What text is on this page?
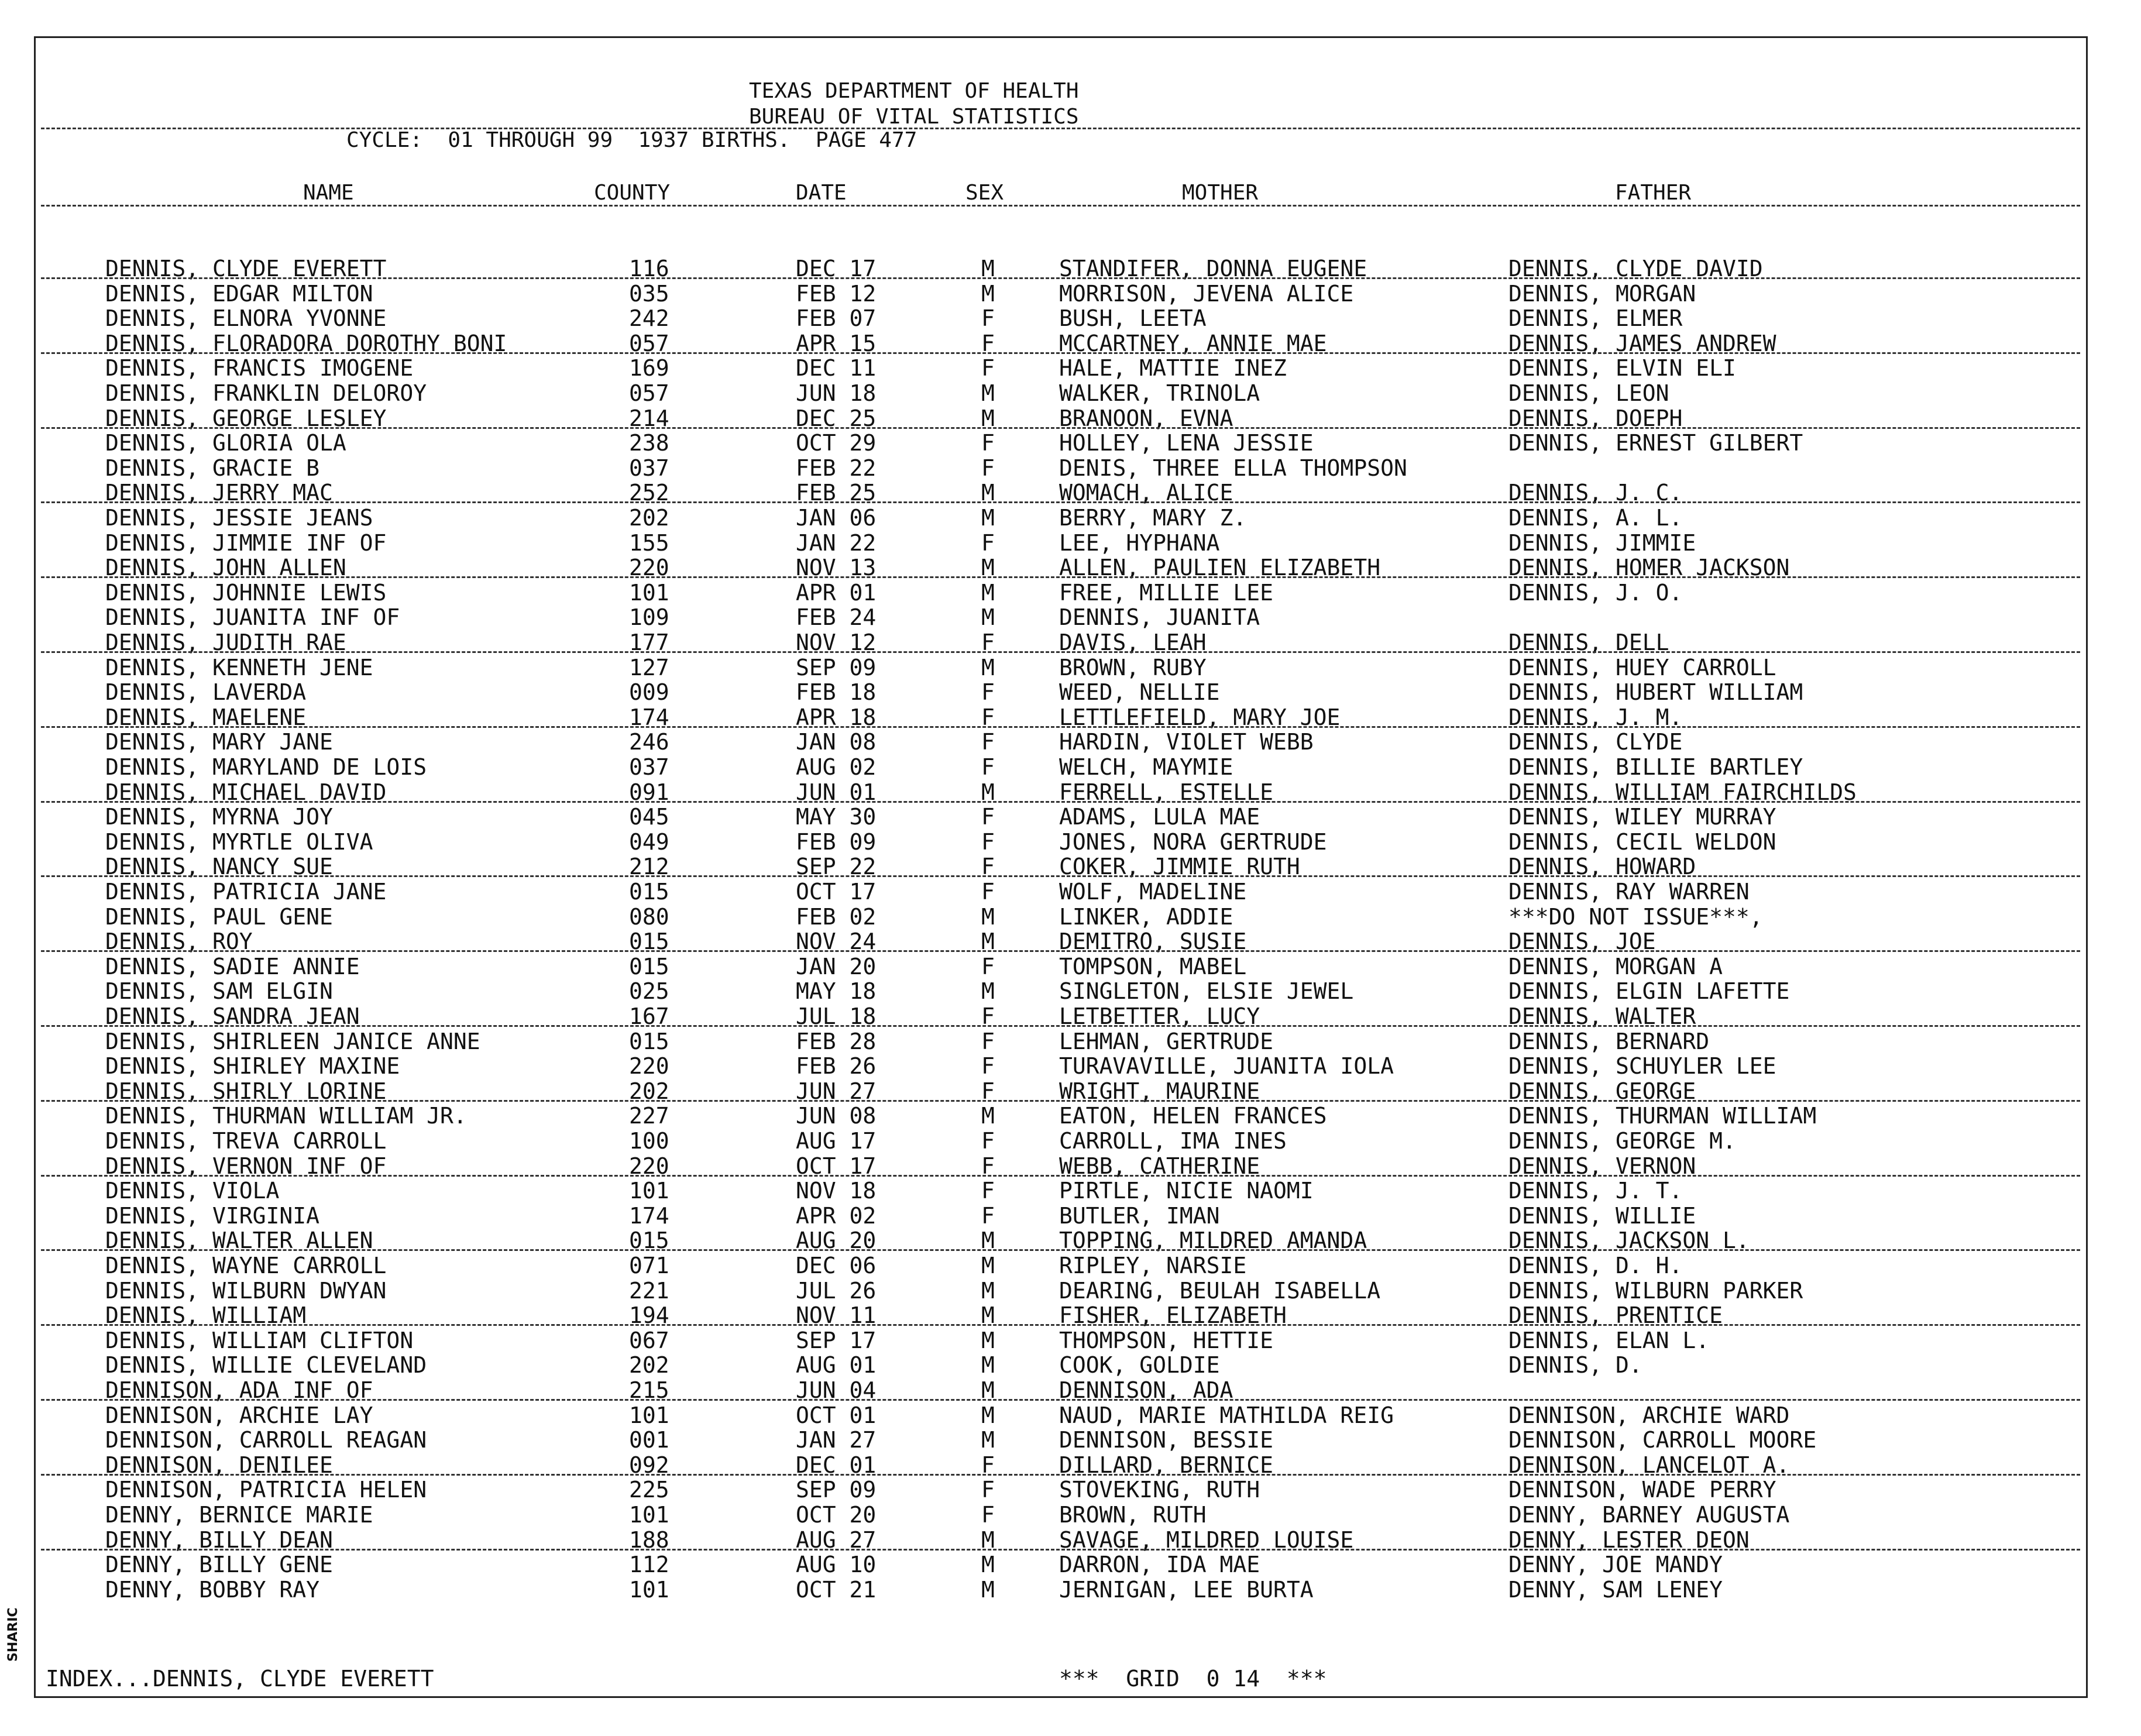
TEXAS DEPARTMENT OF HEALTH
BUREAU OF VITAL STATISTICS
CYCLE:  01 THROUGH 99  1937 BIRTHS.  PAGE 477
NAME	COUNTY	DATE	SEX	MOTHER	FATHER
DENNIS, CLYDE EVERETT	116	DEC 17	M	STANDIFER, DONNA EUGENE	DENNIS, CLYDE DAVID
DENNIS, EDGAR MILTON	035	FEB 12	M	MORRISON, JEVENA ALICE	DENNIS, MORGAN
DENNIS, ELNORA YVONNE	242	FEB 07	F	BUSH, LEETA	DENNIS, ELMER
DENNIS, FLORADORA DOROTHY BONI	057	APR 15	F	MCCARTNEY, ANNIE MAE	DENNIS, JAMES ANDREW
DENNIS, FRANCIS IMOGENE	169	DEC 11	F	HALE, MATTIE INEZ	DENNIS, ELVIN ELI
DENNIS, FRANKLIN DELOROY	057	JUN 18	M	WALKER, TRINOLA	DENNIS, LEON
DENNIS, GEORGE LESLEY	214	DEC 25	M	BRANOON, EVNA	DENNIS, DOEPH
DENNIS, GLORIA OLA	238	OCT 29	F	HOLLEY, LENA JESSIE	DENNIS, ERNEST GILBERT
DENNIS, GRACIE B	037	FEB 22	F	DENIS, THREE ELLA THOMPSON
DENNIS, JERRY MAC	252	FEB 25	M	WOMACH, ALICE	DENNIS, J. C.
DENNIS, JESSIE JEANS	202	JAN 06	M	BERRY, MARY Z.	DENNIS, A. L.
DENNIS, JIMMIE INF OF	155	JAN 22	F	LEE, HYPHANA	DENNIS, JIMMIE
DENNIS, JOHN ALLEN	220	NOV 13	M	ALLEN, PAULIEN ELIZABETH	DENNIS, HOMER JACKSON
DENNIS, JOHNNIE LEWIS	101	APR 01	M	FREE, MILLIE LEE	DENNIS, J. O.
DENNIS, JUANITA INF OF	109	FEB 24	M	DENNIS, JUANITA
DENNIS, JUDITH RAE	177	NOV 12	F	DAVIS, LEAH	DENNIS, DELL
DENNIS, KENNETH JENE	127	SEP 09	M	BROWN, RUBY	DENNIS, HUEY CARROLL
DENNIS, LAVERDA	009	FEB 18	F	WEED, NELLIE	DENNIS, HUBERT WILLIAM
DENNIS, MAELENE	174	APR 18	F	LETTLEFIELD, MARY JOE	DENNIS, J. M.
DENNIS, MARY JANE	246	JAN 08	F	HARDIN, VIOLET WEBB	DENNIS, CLYDE
DENNIS, MARYLAND DE LOIS	037	AUG 02	F	WELCH, MAYMIE	DENNIS, BILLIE BARTLEY
DENNIS, MICHAEL DAVID	091	JUN 01	M	FERRELL, ESTELLE	DENNIS, WILLIAM FAIRCHILDS
DENNIS, MYRNA JOY	045	MAY 30	F	ADAMS, LULA MAE	DENNIS, WILEY MURRAY
DENNIS, MYRTLE OLIVA	049	FEB 09	F	JONES, NORA GERTRUDE	DENNIS, CECIL WELDON
DENNIS, NANCY SUE	212	SEP 22	F	COKER, JIMMIE RUTH	DENNIS, HOWARD
DENNIS, PATRICIA JANE	015	OCT 17	F	WOLF, MADELINE	DENNIS, RAY WARREN
DENNIS, PAUL GENE	080	FEB 02	M	LINKER, ADDIE	***DO NOT ISSUE***,
DENNIS, ROY	015	NOV 24	M	DEMITRO, SUSIE	DENNIS, JOE
DENNIS, SADIE ANNIE	015	JAN 20	F	TOMPSON, MABEL	DENNIS, MORGAN A
DENNIS, SAM ELGIN	025	MAY 18	M	SINGLETON, ELSIE JEWEL	DENNIS, ELGIN LAFETTE
DENNIS, SANDRA JEAN	167	JUL 18	F	LETBETTER, LUCY	DENNIS, WALTER
DENNIS, SHIRLEEN JANICE ANNE	015	FEB 28	F	LEHMAN, GERTRUDE	DENNIS, BERNARD
DENNIS, SHIRLEY MAXINE	220	FEB 26	F	TURAVAVILLE, JUANITA IOLA	DENNIS, SCHUYLER LEE
DENNIS, SHIRLY LORINE	202	JUN 27	F	WRIGHT, MAURINE	DENNIS, GEORGE
DENNIS, THURMAN WILLIAM JR.	227	JUN 08	M	EATON, HELEN FRANCES	DENNIS, THURMAN WILLIAM
DENNIS, TREVA CARROLL	100	AUG 17	F	CARROLL, IMA INES	DENNIS, GEORGE M.
DENNIS, VERNON INF OF	220	OCT 17	F	WEBB, CATHERINE	DENNIS, VERNON
DENNIS, VIOLA	101	NOV 18	F	PIRTLE, NICIE NAOMI	DENNIS, J. T.
DENNIS, VIRGINIA	174	APR 02	F	BUTLER, IMAN	DENNIS, WILLIE
DENNIS, WALTER ALLEN	015	AUG 20	M	TOPPING, MILDRED AMANDA	DENNIS, JACKSON L.
DENNIS, WAYNE CARROLL	071	DEC 06	M	RIPLEY, NARSIE	DENNIS, D. H.
DENNIS, WILBURN DWYAN	221	JUL 26	M	DEARING, BEULAH ISABELLA	DENNIS, WILBURN PARKER
DENNIS, WILLIAM	194	NOV 11	M	FISHER, ELIZABETH	DENNIS, PRENTICE
DENNIS, WILLIAM CLIFTON	067	SEP 17	M	THOMPSON, HETTIE	DENNIS, ELAN L.
DENNIS, WILLIE CLEVELAND	202	AUG 01	M	COOK, GOLDIE	DENNIS, D.
DENNISON, ADA INF OF	215	JUN 04	M	DENNISON, ADA
DENNISON, ARCHIE LAY	101	OCT 01	M	NAUD, MARIE MATHILDA REIG	DENNISON, ARCHIE WARD
DENNISON, CARROLL REAGAN	001	JAN 27	M	DENNISON, BESSIE	DENNISON, CARROLL MOORE
DENNISON, DENILEE	092	DEC 01	F	DILLARD, BERNICE	DENNISON, LANCELOT A.
DENNISON, PATRICIA HELEN	225	SEP 09	F	STOVEKING, RUTH	DENNISON, WADE PERRY
DENNY, BERNICE MARIE	101	OCT 20	F	BROWN, RUTH	DENNY, BARNEY AUGUSTA
DENNY, BILLY DEAN	188	AUG 27	M	SAVAGE, MILDRED LOUISE	DENNY, LESTER DEON
DENNY, BILLY GENE	112	AUG 10	M	DARRON, IDA MAE	DENNY, JOE MANDY
DENNY, BOBBY RAY	101	OCT 21	M	JERNIGAN, LEE BURTA	DENNY, SAM LENEY
INDEX...DENNIS, CLYDE EVERETT	***  GRID  0 14  ***
SHARIC
